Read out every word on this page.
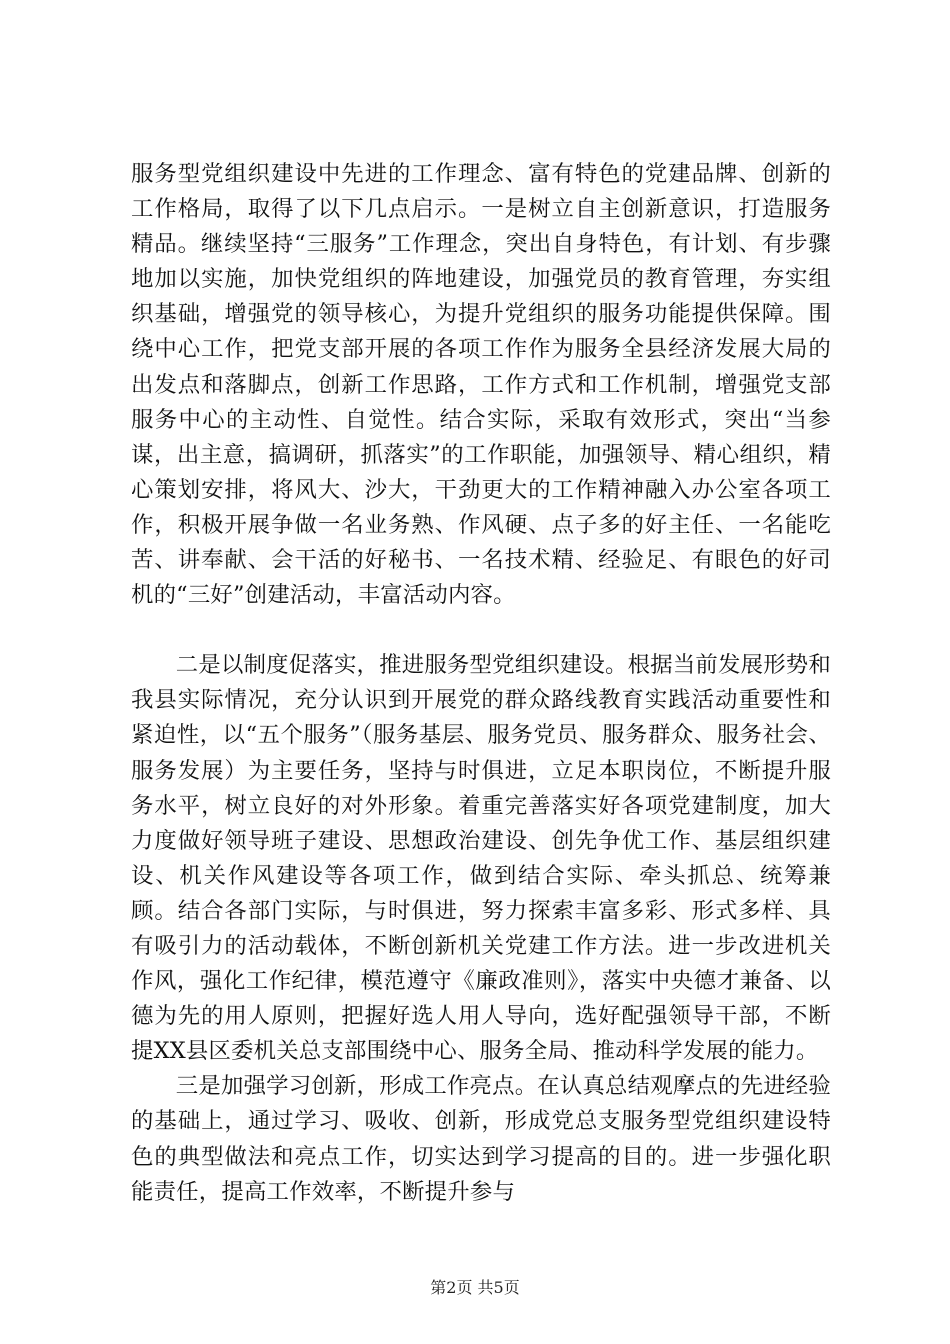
服务型党组织建设中先进的工作理念、富有特色的党建品牌、创新的工作格局，取得了以下几点启示。一是树立自主创新意识，打造服务精品。继续坚持“三服务”工作理念，突出自身特色，有计划、有步骤地加以实施，加快党组织的阵地建设，加强党员的教育管理，夯实组织基础，增强党的领导核心，为提升党组织的服务功能提供保障。围绕中心工作，把党支部开展的各项工作作为服务全县经济发展大局的出发点和落脚点，创新工作思路，工作方式和工作机制，增强党支部服务中心的主动性、自觉性。结合实际，采取有效形式，突出“当参谋，出主意，搞调研，抓落实”的工作职能，加强领导、精心组织，精心策划安排，将风大、沙大，干劲更大的工作精神融入办公室各项工作，积极开展争做一名业务熟、作风硬、点子多的好主任、一名能吃苦、讲奉献、会干活的好秘书、一名技术精、经验足、有眼色的好司机的“三好”创建活动，丰富活动内容。

二是以制度促落实，推进服务型党组织建设。根据当前发展形势和我县实际情况，充分认识到开展党的群众路线教育实践活动重要性和紧迫性，以“五个服务”（服务基层、服务党员、服务群众、服务社会、服务发展）为主要任务，坚持与时俱进，立足本职岗位，不断提升服务水平，树立良好的对外形象。着重完善落实好各项党建制度，加大力度做好领导班子建设、思想政治建设、创先争优工作、基层组织建设、机关作风建设等各项工作，做到结合实际、牵头抓总、统筹兼顾。结合各部门实际，与时俱进，努力探索丰富多彩、形式多样、具有吸引力的活动载体，不断创新机关党建工作方法。进一步改进机关作风，强化工作纪律，模范遵守《廉政准则》，落实中央德才兼备、以德为先的用人原则，把握好选人用人导向，选好配强领导干部，不断提XX县区委机关总支部围绕中心、服务全局、推动科学发展的能力。

三是加强学习创新，形成工作亮点。在认真总结观摩点的先进经验的基础上，通过学习、吸收、创新，形成党总支服务型党组织建设特色的典型做法和亮点工作，切实达到学习提高的目的。进一步强化职能责任，提高工作效率，不断提升参与

第2页 共5页
